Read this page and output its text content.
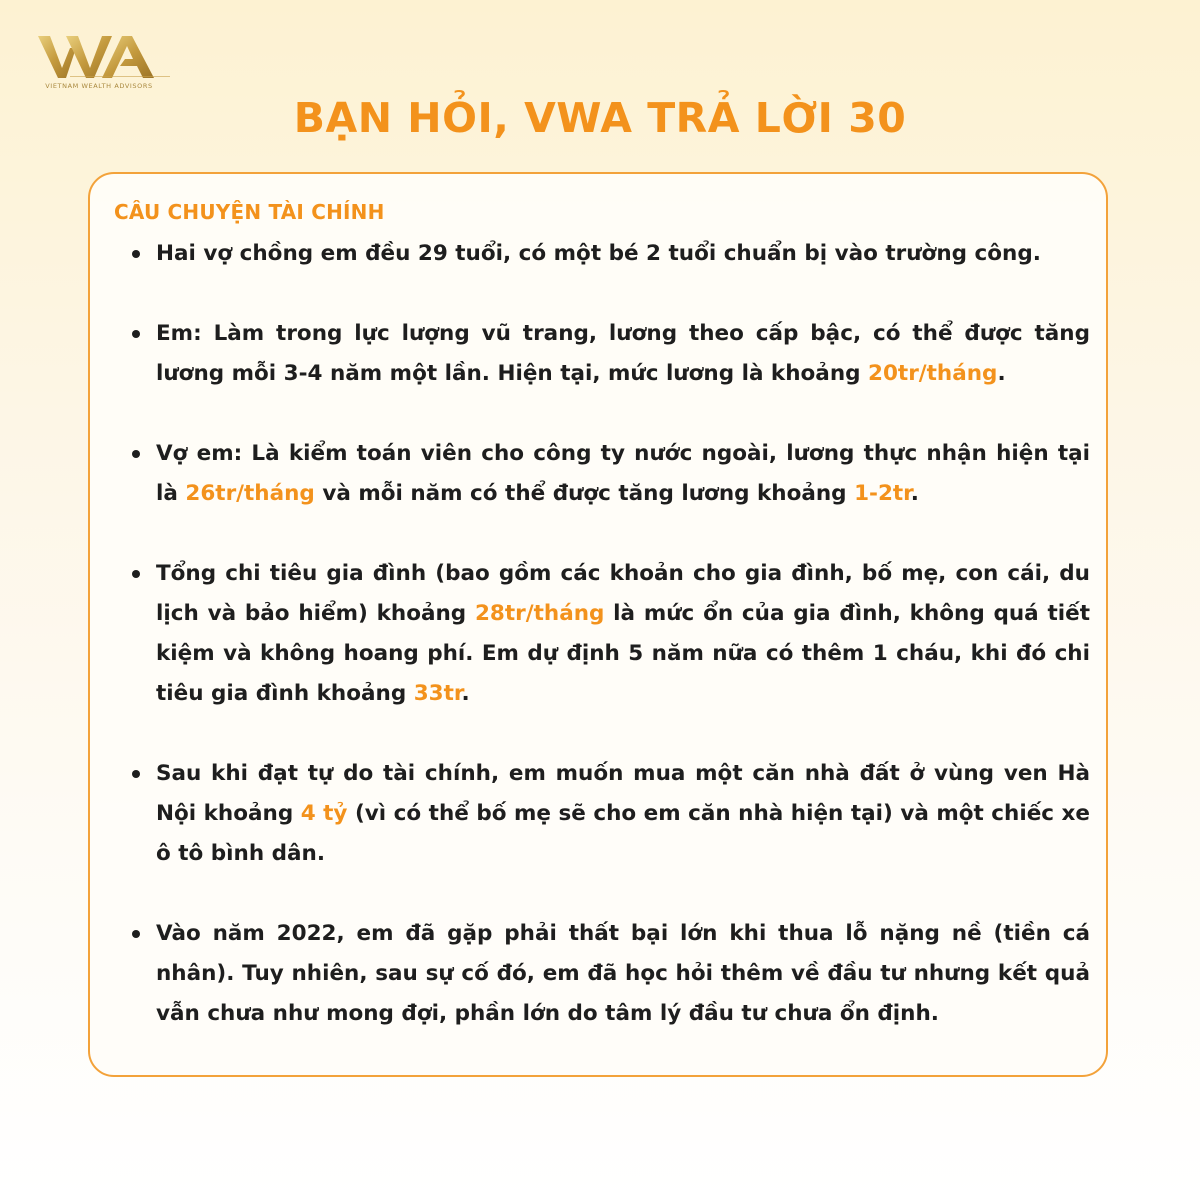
VIETNAM WEALTH ADVISORS
BẠN HỎI, VWA TRẢ LỜI 30
CÂU CHUYỆN TÀI CHÍNH
Hai vợ chồng em đều 29 tuổi, có một bé 2 tuổi chuẩn bị vào trường công.
Em: Làm trong lực lượng vũ trang, lương theo cấp bậc, có thể được tăng lương mỗi 3-4 năm một lần. Hiện tại, mức lương là khoảng 20tr/tháng.
Vợ em: Là kiểm toán viên cho công ty nước ngoài, lương thực nhận hiện tại là 26tr/tháng và mỗi năm có thể được tăng lương khoảng 1-2tr.
Tổng chi tiêu gia đình (bao gồm các khoản cho gia đình, bố mẹ, con cái, du lịch và bảo hiểm) khoảng 28tr/tháng là mức ổn của gia đình, không quá tiết kiệm và không hoang phí. Em dự định 5 năm nữa có thêm 1 cháu, khi đó chi tiêu gia đình khoảng 33tr.
Sau khi đạt tự do tài chính, em muốn mua một căn nhà đất ở vùng ven Hà Nội khoảng 4 tỷ (vì có thể bố mẹ sẽ cho em căn nhà hiện tại) và một chiếc xe ô tô bình dân.
Vào năm 2022, em đã gặp phải thất bại lớn khi thua lỗ nặng nề (tiền cá nhân). Tuy nhiên, sau sự cố đó, em đã học hỏi thêm về đầu tư nhưng kết quả vẫn chưa như mong đợi, phần lớn do tâm lý đầu tư chưa ổn định.
